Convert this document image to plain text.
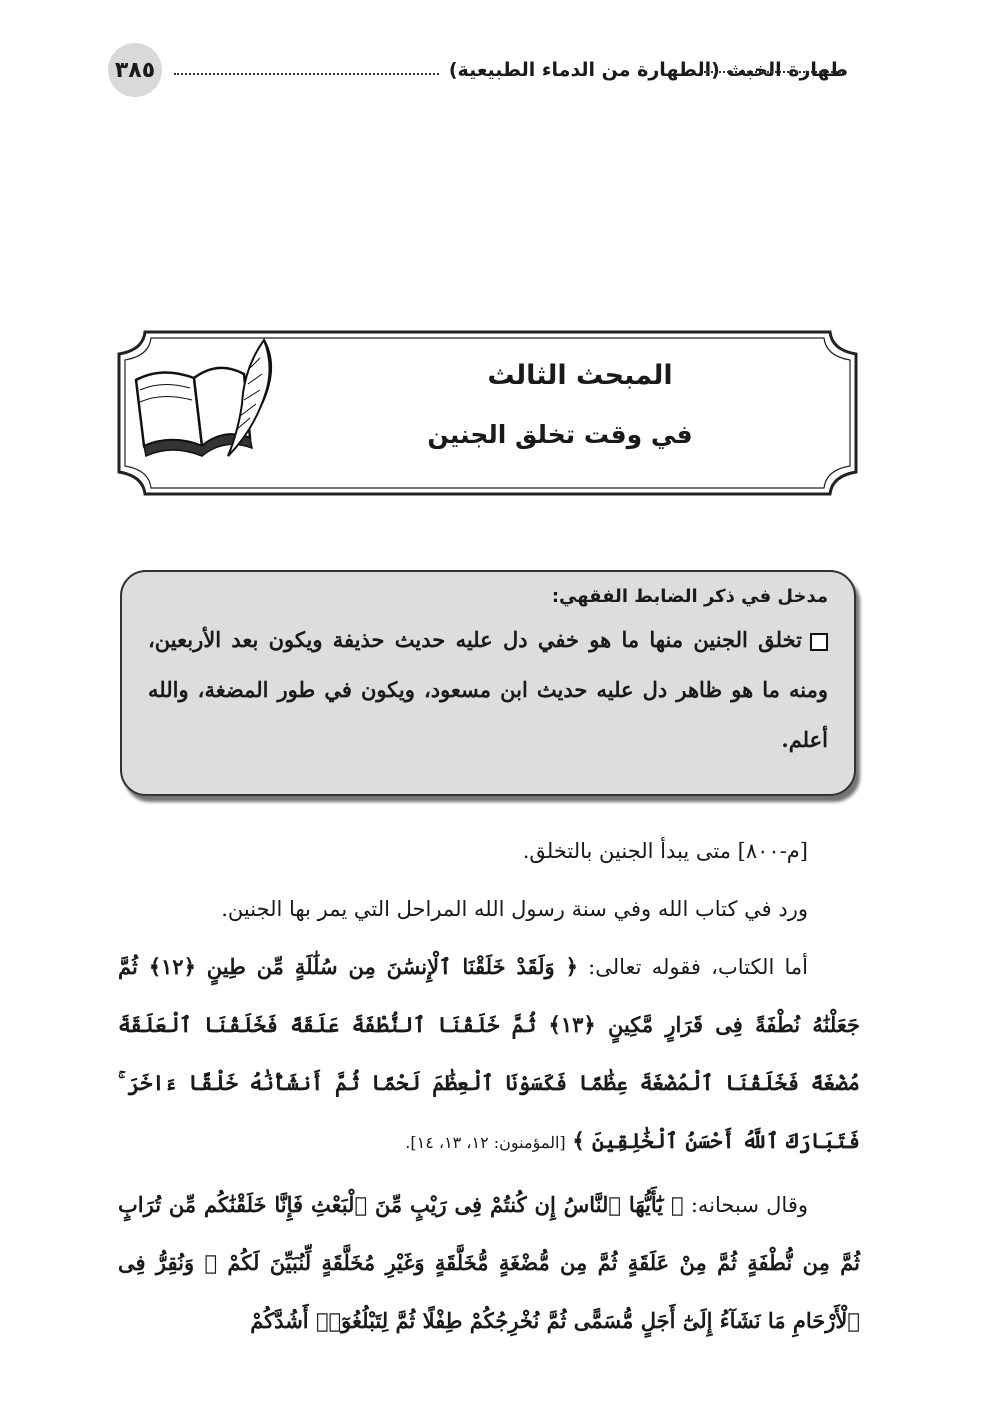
طهارة الخبث (الطهارة من الدماء الطبيعية)
٣٨٥
المبحث الثالث
في وقت تخلق الجنين

مدخل في ذكر الضابط الفقهي:

تخلق الجنين منها ما هو خفي دل عليه حديث حذيفة ويكون بعد الأربعين، ومنه ما هو ظاهر دل عليه حديث ابن مسعود، ويكون في طور المضغة، والله أعلم.

[م-٨٠٠] متى يبدأ الجنين بالتخلق.

ورد في كتاب الله وفي سنة رسول الله المراحل التي يمر بها الجنين.

أما الكتاب، فقوله تعالى: ﴿ وَلَقَدْ خَلَقْنَا ٱلْإِنسَٰنَ مِن سُلَٰلَةٍ مِّن طِينٍ ﴿١٢﴾ ثُمَّ جَعَلْنَٰهُ نُطْفَةً فِى قَرَارٍ مَّكِينٍ ﴿١٣﴾ ثُمَّ خَلَقْنَا ٱلنُّطْفَةَ عَلَقَةً فَخَلَقْنَا ٱلْعَلَقَةَ مُضْغَةً فَخَلَقْنَا ٱلْمُضْغَةَ عِظَٰمًا فَكَسَوْنَا ٱلْعِظَٰمَ لَحْمًا ثُمَّ أَنشَأْنَٰهُ خَلْقًا ءَاخَرَ ۚ فَتَبَارَكَ ٱللَّهُ أَحْسَنُ ٱلْخَٰلِقِينَ ﴾ [المؤمنون: ١٢، ١٣، ١٤].

وقال سبحانه: ﴿ يَٰٓأَيُّهَا ٱلنَّاسُ إِن كُنتُمْ فِى رَيْبٍ مِّنَ ٱلْبَعْثِ فَإِنَّا خَلَقْنَٰكُم مِّن تُرَابٍ ثُمَّ مِن نُّطْفَةٍ ثُمَّ مِنْ عَلَقَةٍ ثُمَّ مِن مُّضْغَةٍ مُّخَلَّقَةٍ وَغَيْرِ مُخَلَّقَةٍ لِّنُبَيِّنَ لَكُمْ ۚ وَنُقِرُّ فِى ٱلْأَرْحَامِ مَا نَشَآءُ إِلَىٰٓ أَجَلٍ مُّسَمًّى ثُمَّ نُخْرِجُكُمْ طِفْلًا ثُمَّ لِتَبْلُغُوٓا۟ أَشُدَّكُمْ
